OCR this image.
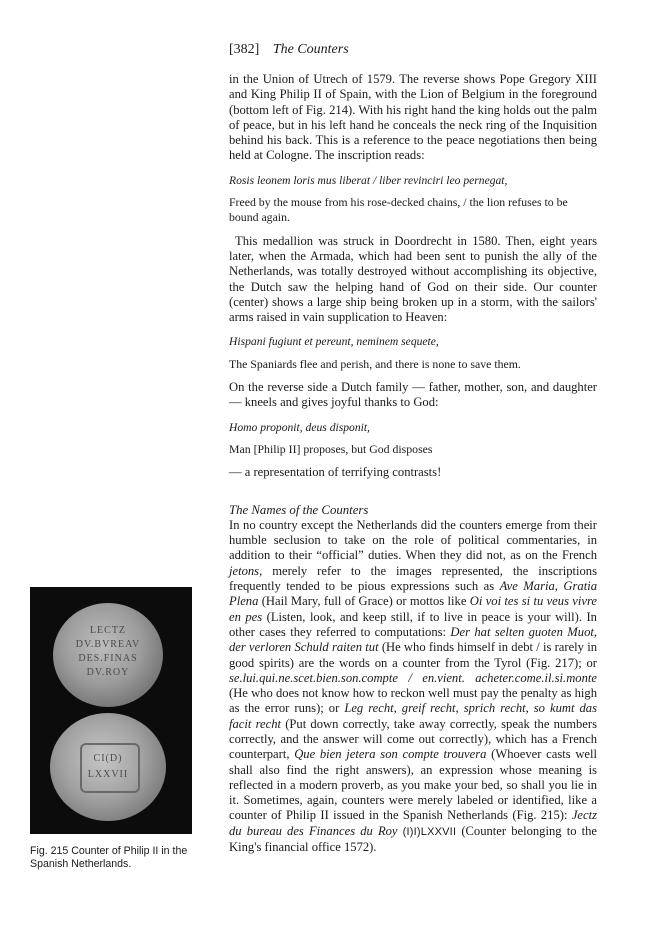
[382] The Counters

in the Union of Utrech of 1579. The reverse shows Pope Gregory XIII and King Philip II of Spain, with the Lion of Belgium in the foreground (bottom left of Fig. 214). With his right hand the king holds out the palm of peace, but in his left hand he conceals the neck ring of the Inquisition behind his back. This is a reference to the peace negotiations then being held at Cologne. The inscription reads:

Rosis leonem loris mus liberat / liber revinciri leo pernegat,

Freed by the mouse from his rose-decked chains, / the lion refuses to be bound again.

This medallion was struck in Doordrecht in 1580. Then, eight years later, when the Armada, which had been sent to punish the ally of the Netherlands, was totally destroyed without accomplishing its objective, the Dutch saw the helping hand of God on their side. Our counter (center) shows a large ship being broken up in a storm, with the sailors' arms raised in vain supplication to Heaven:

Hispani fugiunt et pereunt, neminem sequete,

The Spaniards flee and perish, and there is none to save them.

On the reverse side a Dutch family — father, mother, son, and daughter — kneels and gives joyful thanks to God:

Homo proponit, deus disponit,

Man [Philip II] proposes, but God disposes

— a representation of terrifying contrasts!

The Names of the Counters

In no country except the Netherlands did the counters emerge from their humble seclusion to take on the role of political commentaries, in addition to their “official” duties. When they did not, as on the French jetons, merely refer to the images represented, the inscriptions frequently tended to be pious expressions such as Ave Maria, Gratia Plena (Hail Mary, full of Grace) or mottos like Oi voi tes si tu veus vivre en pes (Listen, look, and keep still, if to live in peace is your will). In other cases they referred to computations: Der hat selten guoten Muot, der verloren Schuld raiten tut (He who finds himself in debt / is rarely in good spirits) are the words on a counter from the Tyrol (Fig. 217); or se.lui.qui.ne.scet.bien.son.compte / en.vient. acheter.come.il.si.monte (He who does not know how to reckon well must pay the penalty as high as the error runs); or Leg recht, greif recht, sprich recht, so kumt das facit recht (Put down correctly, take away correctly, speak the numbers correctly, and the answer will come out correctly), which has a French counterpart, Que bien jetera son compte trouvera (Whoever casts well shall also find the right answers), an expression whose meaning is reflected in a modern proverb, as you make your bed, so shall you lie in it. Sometimes, again, counters were merely labeled or identified, like a counter of Philip II issued in the Spanish Netherlands (Fig. 215): Jectz du bureau des Finances du Roy (I)I)LXXVII (Counter belonging to the King's financial office 1572).

LECTZ
DV.BVREAV
DES.FINAS
DV.ROY
CI(D)
LXXVII
Fig. 215 Counter of Philip II in the Spanish Netherlands.
